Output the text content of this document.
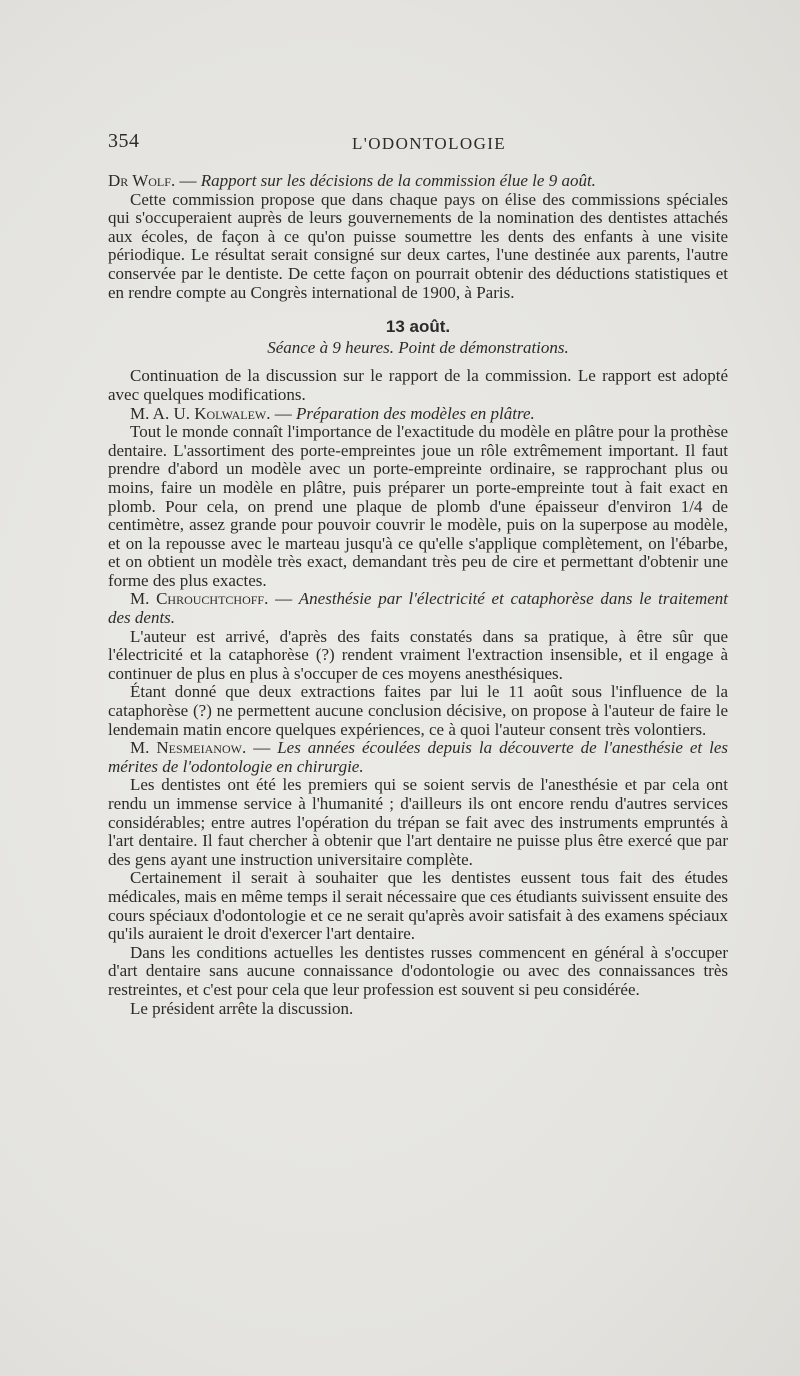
354	L'ODONTOLOGIE

Dr Wolf. — Rapport sur les décisions de la commission élue le 9 août.

Cette commission propose que dans chaque pays on élise des commissions spéciales qui s'occuperaient auprès de leurs gouvernements de la nomination des dentistes attachés aux écoles, de façon à ce qu'on puisse soumettre les dents des enfants à une visite périodique. Le résultat serait consigné sur deux cartes, l'une destinée aux parents, l'autre conservée par le dentiste. De cette façon on pourrait obtenir des déductions statistiques et en rendre compte au Congrès international de 1900, à Paris.

13 août.
Séance à 9 heures. Point de démonstrations.

Continuation de la discussion sur le rapport de la commission. Le rapport est adopté avec quelques modifications.

M. A. U. Kolwalew. — Préparation des modèles en plâtre.

Tout le monde connaît l'importance de l'exactitude du modèle en plâtre pour la prothèse dentaire. L'assortiment des porte-empreintes joue un rôle extrêmement important. Il faut prendre d'abord un modèle avec un porte-empreinte ordinaire, se rapprochant plus ou moins, faire un modèle en plâtre, puis préparer un porte-empreinte tout à fait exact en plomb. Pour cela, on prend une plaque de plomb d'une épaisseur d'environ 1/4 de centimètre, assez grande pour pouvoir couvrir le modèle, puis on la superpose au modèle, et on la repousse avec le marteau jusqu'à ce qu'elle s'applique complètement, on l'ébarbe, et on obtient un modèle très exact, demandant très peu de cire et permettant d'obtenir une forme des plus exactes.

M. Chrouchtchoff. — Anesthésie par l'électricité et cataphorèse dans le traitement des dents.

L'auteur est arrivé, d'après des faits constatés dans sa pratique, à être sûr que l'électricité et la cataphorèse (?) rendent vraiment l'extraction insensible, et il engage à continuer de plus en plus à s'occuper de ces moyens anesthésiques.

Étant donné que deux extractions faites par lui le 11 août sous l'influence de la cataphorèse (?) ne permettent aucune conclusion décisive, on propose à l'auteur de faire le lendemain matin encore quelques expériences, ce à quoi l'auteur consent très volontiers.

M. Nesmeianow. — Les années écoulées depuis la découverte de l'anesthésie et les mérites de l'odontologie en chirurgie.

Les dentistes ont été les premiers qui se soient servis de l'anesthésie et par cela ont rendu un immense service à l'humanité ; d'ailleurs ils ont encore rendu d'autres services considérables; entre autres l'opération du trépan se fait avec des instruments empruntés à l'art dentaire. Il faut chercher à obtenir que l'art dentaire ne puisse plus être exercé que par des gens ayant une instruction universitaire complète.

Certainement il serait à souhaiter que les dentistes eussent tous fait des études médicales, mais en même temps il serait nécessaire que ces étudiants suivissent ensuite des cours spéciaux d'odontologie et ce ne serait qu'après avoir satisfait à des examens spéciaux qu'ils auraient le droit d'exercer l'art dentaire.

Dans les conditions actuelles les dentistes russes commencent en général à s'occuper d'art dentaire sans aucune connaissance d'odontologie ou avec des connaissances très restreintes, et c'est pour cela que leur profession est souvent si peu considérée.

Le président arrête la discussion.
